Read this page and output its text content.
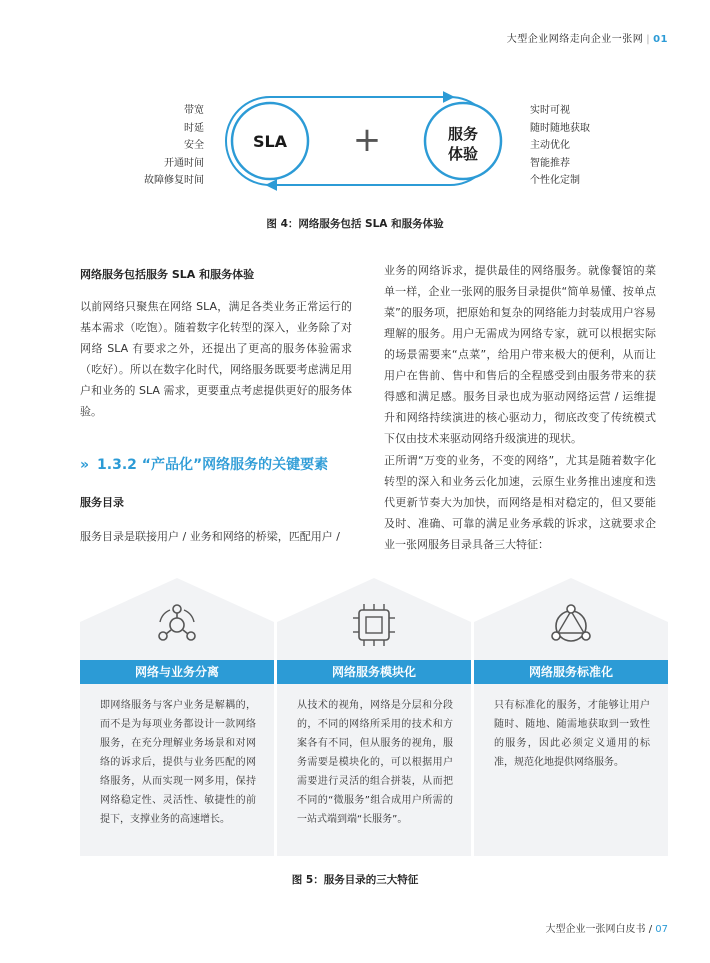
大型企业网络走向企业一张网 | 01
带宽
时延
安全
开通时间
故障修复时间
SLA	+	服务
体验
实时可视
随时随地获取
主动优化
智能推荐
个性化定制
图 4：网络服务包括 SLA 和服务体验
网络服务包括服务 SLA 和服务体验
以前网络只聚焦在网络 SLA，满足各类业务正常运行的基本需求（吃饱）。随着数字化转型的深入，业务除了对网络 SLA 有要求之外，还提出了更高的服务体验需求（吃好）。所以在数字化时代，网络服务既要考虑满足用户和业务的 SLA 需求，更要重点考虑提供更好的服务体验。
» 1.3.2 “产品化”网络服务的关键要素
服务目录
服务目录是联接用户 / 业务和网络的桥梁，匹配用户 /
业务的网络诉求，提供最佳的网络服务。就像餐馆的菜单一样，企业一张网的服务目录提供“简单易懂、按单点菜”的服务项，把原始和复杂的网络能力封装成用户容易理解的服务。用户无需成为网络专家，就可以根据实际的场景需要来“点菜”，给用户带来极大的便利，从而让用户在售前、售中和售后的全程感受到由服务带来的获得感和满足感。服务目录也成为驱动网络运营 / 运维提升和网络持续演进的核心驱动力，彻底改变了传统模式下仅由技术来驱动网络升级演进的现状。
正所谓“万变的业务，不变的网络”，尤其是随着数字化转型的深入和业务云化加速，云原生业务推出速度和迭代更新节奏大为加快，而网络是相对稳定的，但又要能及时、准确、可靠的满足业务承载的诉求，这就要求企业一张网服务目录具备三大特征：
网络与业务分离
即网络服务与客户业务是解耦的，而不是为每项业务都设计一款网络服务，在充分理解业务场景和对网络的诉求后，提供与业务匹配的网络服务，从而实现一网多用，保持网络稳定性、灵活性、敏捷性的前提下，支撑业务的高速增长。
网络服务模块化
从技术的视角，网络是分层和分段的，不同的网络所采用的技术和方案各有不同，但从服务的视角，服务需要是模块化的，可以根据用户需要进行灵活的组合拼装，从而把不同的“微服务”组合成用户所需的一站式端到端“长服务”。
网络服务标准化
只有标准化的服务，才能够让用户随时、随地、随需地获取到一致性的服务，因此必须定义通用的标准，规范化地提供网络服务。
图 5：服务目录的三大特征
大型企业一张网白皮书 / 07
